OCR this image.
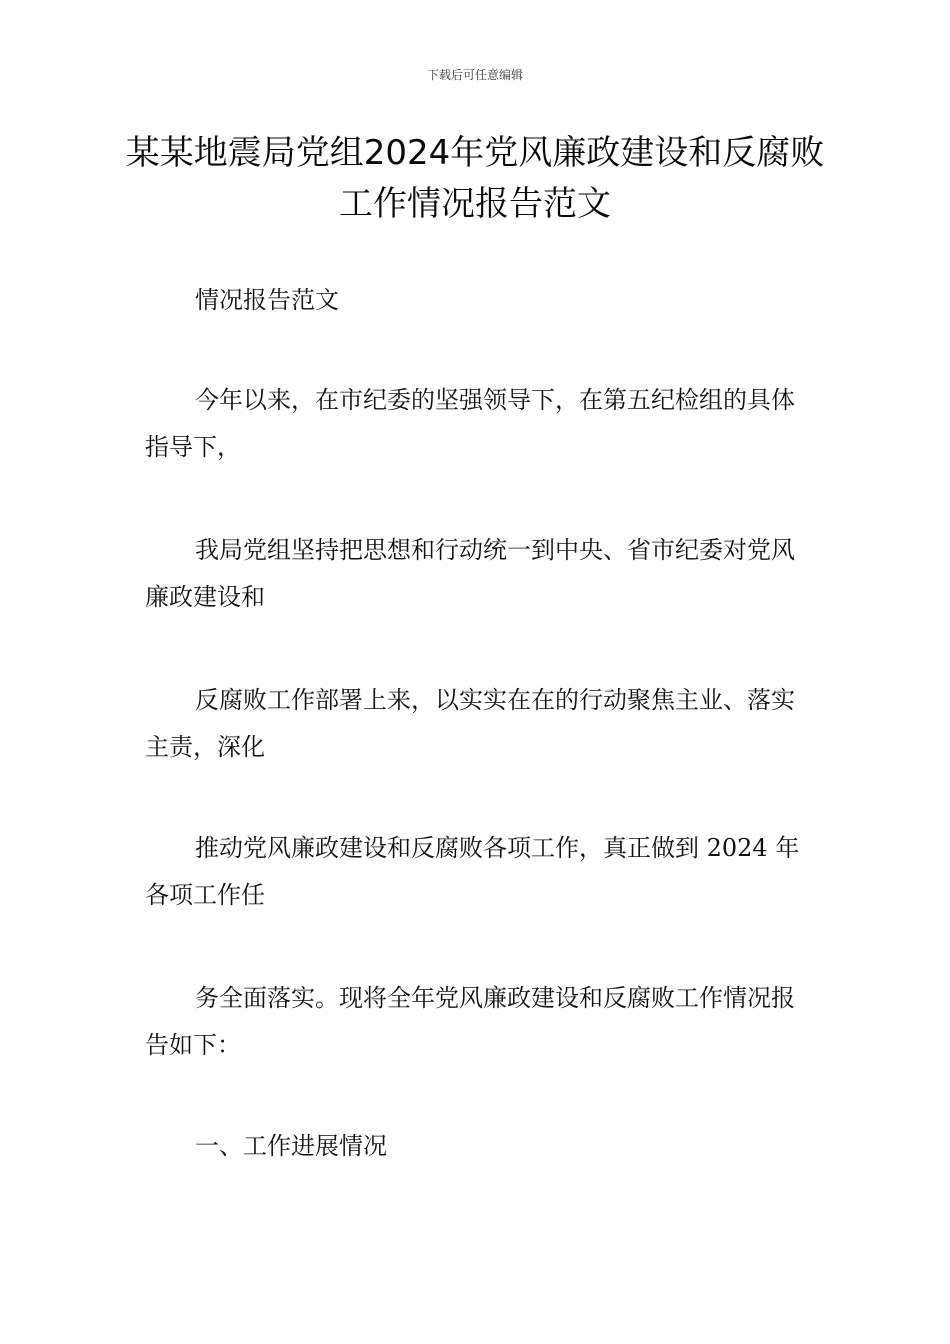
下载后可任意编辑
某某地震局党组2024年党风廉政建设和反腐败工作情况报告范文

情况报告范文

今年以来，在市纪委的坚强领导下，在第五纪检组的具体指导下，

我局党组坚持把思想和行动统一到中央、省市纪委对党风廉政建设和

反腐败工作部署上来，以实实在在的行动聚焦主业、落实主责，深化

推动党风廉政建设和反腐败各项工作，真正做到 2024 年各项工作任

务全面落实。现将全年党风廉政建设和反腐败工作情况报告如下：

一、工作进展情况
